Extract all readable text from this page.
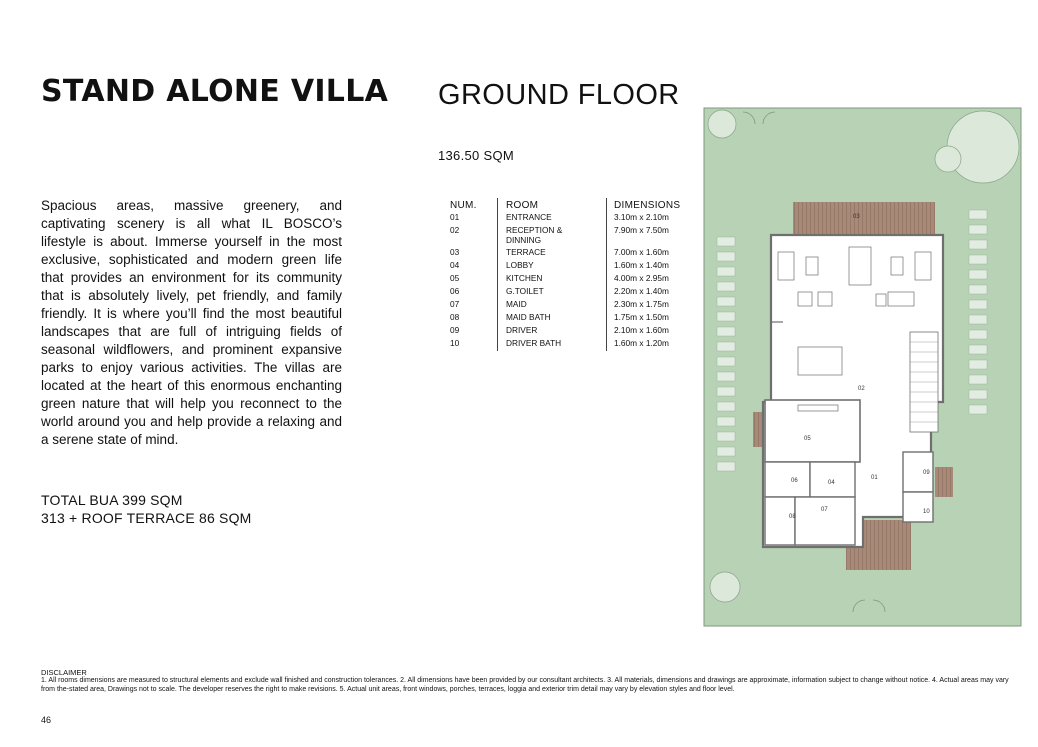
STAND ALONE VILLA GROUND FLOOR
136.50 SQM

Spacious areas, massive greenery, and captivating scenery is all what IL BOSCO’s lifestyle is about. Immerse yourself in the most exclusive, sophisticated and modern green life that provides an environment for its community that is absolutely lively, pet friendly, and family friendly. It is where you’ll find the most beautiful landscapes that are full of intriguing fields of seasonal wildflowers, and prominent expansive parks to enjoy various activities. The villas are located at the heart of this enormous enchanting green nature that will help you reconnect to the world around you and help provide a relaxing and a serene state of mind.

TOTAL BUA 399 SQM
313 + ROOF TERRACE 86 SQM
NUM.	ROOM	DIMENSIONS
01	ENTRANCE	3.10m x 2.10m
02	RECEPTION & DINNING	7.90m x 7.50m
03	TERRACE	7.00m x 1.60m
04	LOBBY	1.60m x 1.40m
05	KITCHEN	4.00m x 2.95m
06	G.TOILET	2.20m x 1.40m
07	MAID	2.30m x 1.75m
08	MAID BATH	1.75m x 1.50m
09	DRIVER	2.10m x 1.60m
10	DRIVER BATH	1.60m x 1.20m
01
02
03
04
05
06
07
08
09
10
DISCLAIMER
1. All rooms dimensions are measured to structural elements and exclude wall finished and construction tolerances. 2. All dimensions have been provided by our consultant architects. 3. All materials, dimensions and drawings are approximate, information subject to change without notice. 4. Actual areas may vary from the-stated area, Drawings not to scale. The developer reserves the right to make revisions. 5. Actual unit areas, front windows, porches, terraces, loggia and exterior trim detail may vary by elevation styles and floor level.
46
